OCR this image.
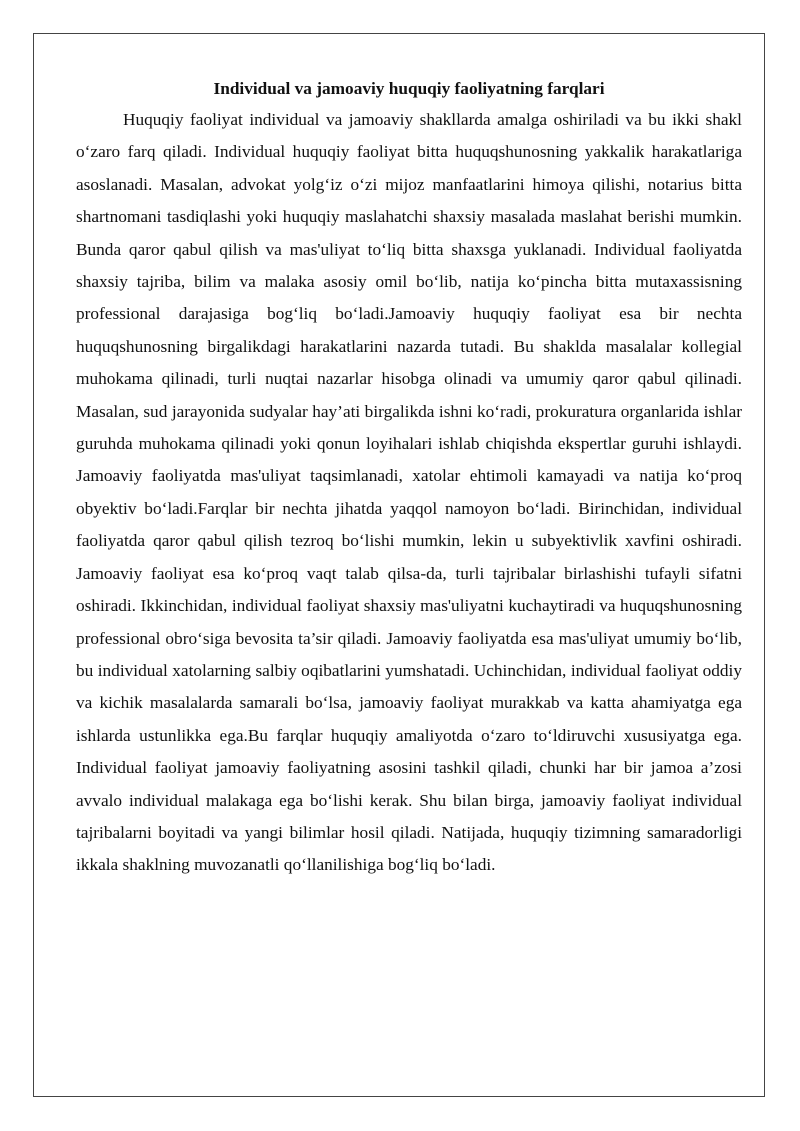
Individual va jamoaviy huquqiy faoliyatning farqlari

Huquqiy faoliyat individual va jamoaviy shakllarda amalga oshiriladi va bu ikki shakl o‘zaro farq qiladi. Individual huquqiy faoliyat bitta huquqshunosning yakkalik harakatlariga asoslanadi. Masalan, advokat yolg‘iz o‘zi mijoz manfaatlarini himoya qilishi, notarius bitta shartnomani tasdiqlashi yoki huquqiy maslahatchi shaxsiy masalada maslahat berishi mumkin. Bunda qaror qabul qilish va mas'uliyat to‘liq bitta shaxsga yuklanadi. Individual faoliyatda shaxsiy tajriba, bilim va malaka asosiy omil bo‘lib, natija ko‘pincha bitta mutaxassisning professional darajasiga bog‘liq bo‘ladi.Jamoaviy huquqiy faoliyat esa bir nechta huquqshunosning birgalikdagi harakatlarini nazarda tutadi. Bu shaklda masalalar kollegial muhokama qilinadi, turli nuqtai nazarlar hisobga olinadi va umumiy qaror qabul qilinadi. Masalan, sud jarayonida sudyalar hay’ati birgalikda ishni ko‘radi, prokuratura organlarida ishlar guruhda muhokama qilinadi yoki qonun loyihalari ishlab chiqishda ekspertlar guruhi ishlaydi. Jamoaviy faoliyatda mas'uliyat taqsimlanadi, xatolar ehtimoli kamayadi va natija ko‘proq obyektiv bo‘ladi.Farqlar bir nechta jihatda yaqqol namoyon bo‘ladi. Birinchidan, individual faoliyatda qaror qabul qilish tezroq bo‘lishi mumkin, lekin u subyektivlik xavfini oshiradi. Jamoaviy faoliyat esa ko‘proq vaqt talab qilsa-da, turli tajribalar birlashishi tufayli sifatni oshiradi. Ikkinchidan, individual faoliyat shaxsiy mas'uliyatni kuchaytiradi va huquqshunosning professional obro‘siga bevosita ta’sir qiladi. Jamoaviy faoliyatda esa mas'uliyat umumiy bo‘lib, bu individual xatolarning salbiy oqibatlarini yumshatadi. Uchinchidan, individual faoliyat oddiy va kichik masalalarda samarali bo‘lsa, jamoaviy faoliyat murakkab va katta ahamiyatga ega ishlarda ustunlikka ega.Bu farqlar huquqiy amaliyotda o‘zaro to‘ldiruvchi xususiyatga ega. Individual faoliyat jamoaviy faoliyatning asosini tashkil qiladi, chunki har bir jamoa a’zosi avvalo individual malakaga ega bo‘lishi kerak. Shu bilan birga, jamoaviy faoliyat individual tajribalarni boyitadi va yangi bilimlar hosil qiladi. Natijada, huquqiy tizimning samaradorligi ikkala shaklning muvozanatli qo‘llanilishiga bog‘liq bo‘ladi.
